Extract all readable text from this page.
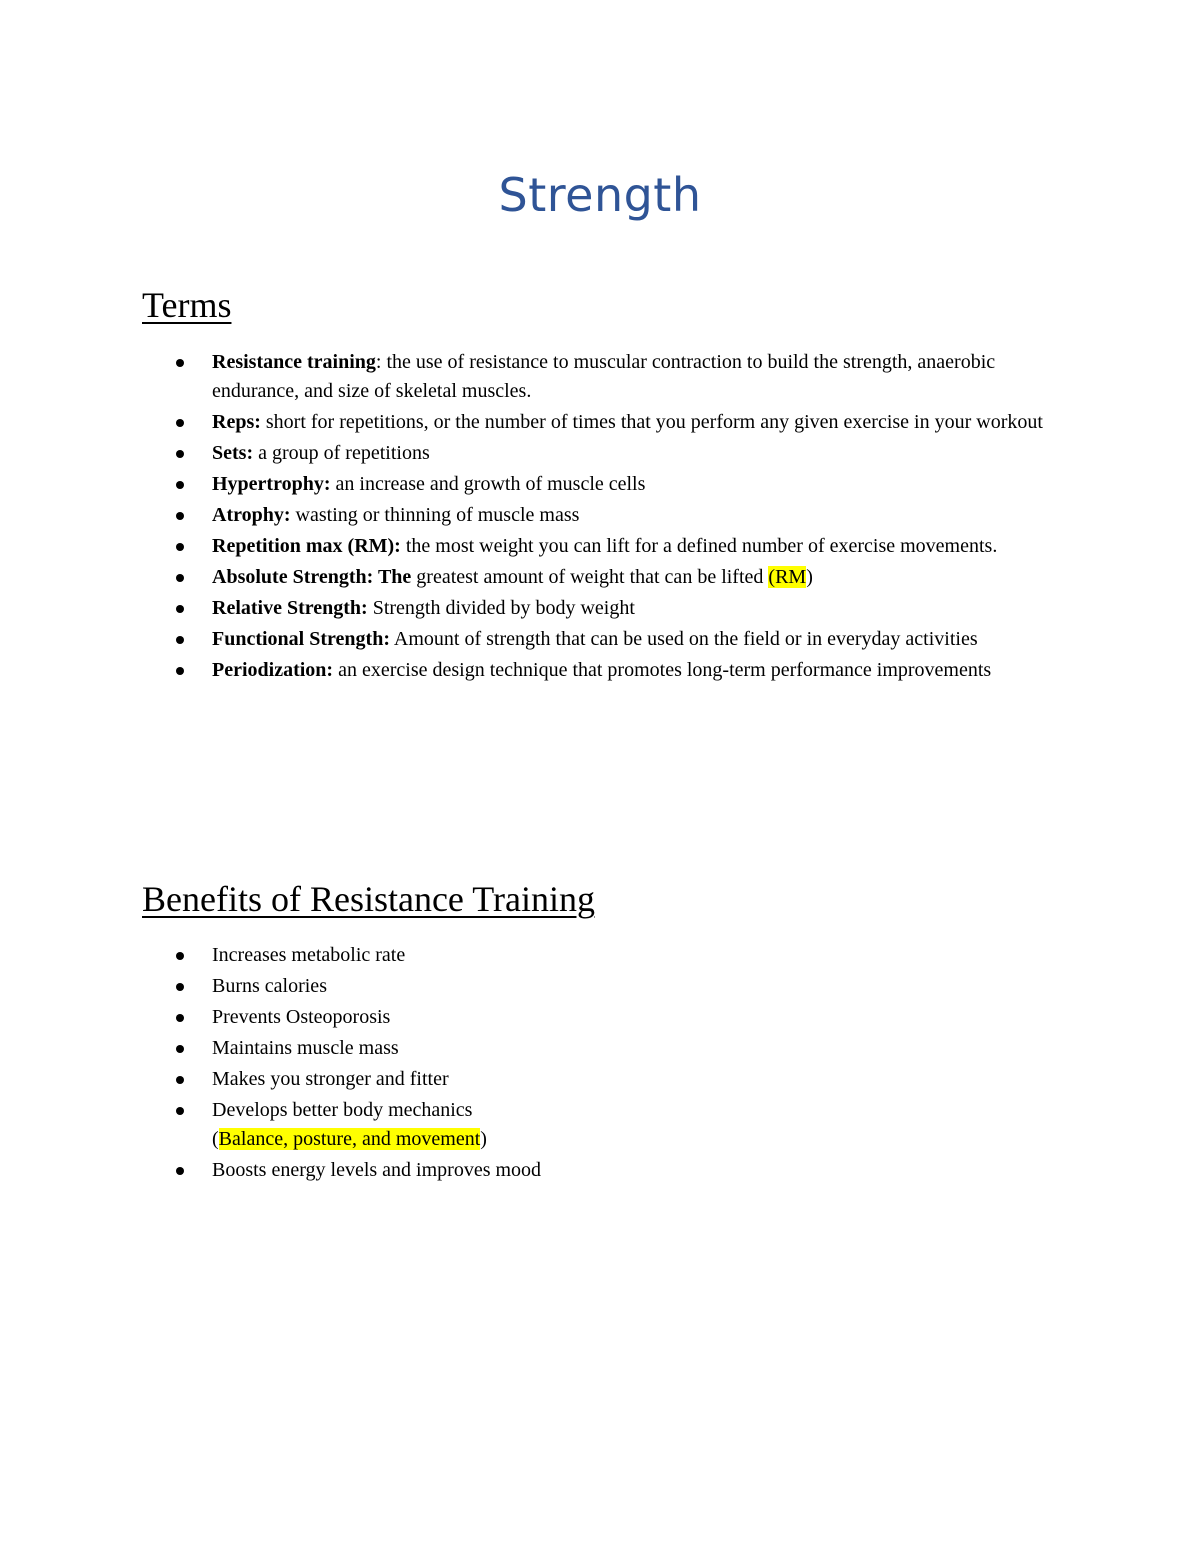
Strength
Terms
Resistance training: the use of resistance to muscular contraction to build the strength, anaerobic endurance, and size of skeletal muscles.
Reps: short for repetitions, or the number of times that you perform any given exercise in your workout
Sets: a group of repetitions
Hypertrophy: an increase and growth of muscle cells
Atrophy: wasting or thinning of muscle mass
Repetition max (RM): the most weight you can lift for a defined number of exercise movements.
Absolute Strength: The greatest amount of weight that can be lifted (RM)
Relative Strength: Strength divided by body weight
Functional Strength: Amount of strength that can be used on the field or in everyday activities
Periodization: an exercise design technique that promotes long-term performance improvements
Benefits of Resistance Training
Increases metabolic rate
Burns calories
Prevents Osteoporosis
Maintains muscle mass
Makes you stronger and fitter
Develops better body mechanics (Balance, posture, and movement)
Boosts energy levels and improves mood
